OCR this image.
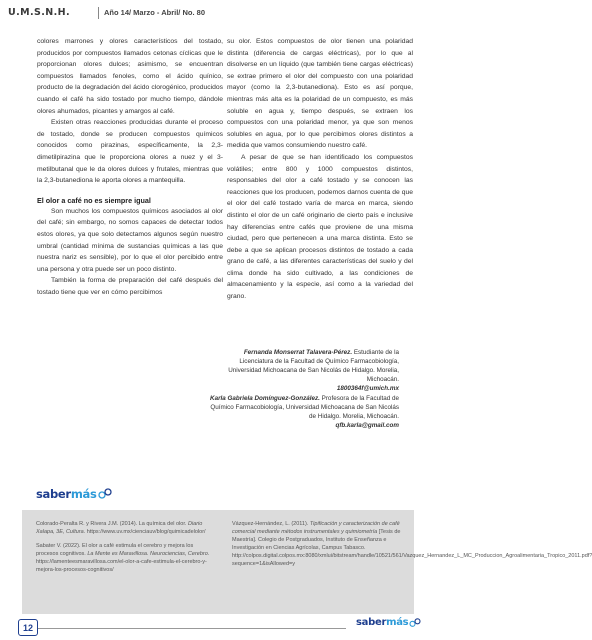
U.M.S.N.H.	Año 14/ Marzo - Abril/ No. 80

colores marrones y olores característicos del tostado, producidos por compuestos llamados cetonas cíclicas que le proporcionan olores dulces; asimismo, se encuentran compuestos llamados fenoles, como el ácido quínico, producto de la degradación del ácido clorogénico, producidos cuando el café ha sido tostado por mucho tiempo, dándole olores ahumados, picantes y amargos al café.

Existen otras reacciones producidas durante el proceso de tostado, donde se producen compuestos químicos conocidos como pirazinas, específicamente, la 2,3-dimetilpirazina que le proporciona olores a nuez y el 3-metilbutanal que le da olores dulces y frutales, mientras que la 2,3-butanediona le aporta olores a mantequilla.

El olor a café no es siempre igual

Son muchos los compuestos químicos asociados al olor del café; sin embargo, no somos capaces de detectar todos estos olores, ya que solo detectamos algunos según nuestro umbral (cantidad mínima de sustancias químicas a las que nuestra nariz es sensible), por lo que el olor percibido entre una persona y otra puede ser un poco distinto.

También la forma de preparación del café después del tostado tiene que ver en cómo percibimos

su olor. Estos compuestos de olor tienen una polaridad distinta (diferencia de cargas eléctricas), por lo que al disolverse en un líquido (que también tiene cargas eléctricas) se extrae primero el olor del compuesto con una polaridad mayor (como la 2,3-butanediona). Esto es así porque, mientras más alta es la polaridad de un compuesto, es más soluble en agua y, tiempo después, se extraen los compuestos con una polaridad menor, ya que son menos solubles en agua, por lo que percibimos olores distintos a medida que vamos consumiendo nuestro café.

A pesar de que se han identificado los compuestos volátiles; entre 800 y 1000 compuestos distintos, responsables del olor a café tostado y se conocen las reacciones que los producen, podemos darnos cuenta de que el olor del café tostado varía de marca en marca, siendo distinto el olor de un café originario de cierto país e inclusive hay diferencias entre cafés que proviene de una misma ciudad, pero que pertenecen a una marca distinta. Esto se debe a que se aplican procesos distintos de tostado a cada grano de café, a las diferentes características del suelo y del clima donde ha sido cultivado, a las condiciones de almacenamiento y la especie, así como a la variedad del grano.

Fernanda Monserrat Talavera-Pérez. Estudiante de la Licenciatura de la Facultad de Químico Farmacobiología, Universidad Michoacana de San Nicolás de Hidalgo. Morelia, Michoacán.
1800364f@umich.mx
Karla Gabriela Domínguez-González. Profesora de la Facultad de Químico Farmacobiología, Universidad Michoacana de San Nicolás de Hidalgo. Morelia, Michoacán.
qfb.karla@gmail.com
sabermás

Colorado-Peralta R. y Rivera J.M. (2014). La química del olor. Diario Xalapa, 3E, Cultura. https://www.uv.mx/cienciauv/blog/quimicadelolor/

Sabater V. (2022). El olor a café estimula el cerebro y mejora los procesos cognitivos. La Mente es Maravillosa. Neurociencias, Cerebro. https://lamenteesmaravillosa.com/el-olor-a-cafe-estimula-el-cerebro-y-mejora-los-procesos-cognitivos/

Vázquez-Hernández, L. (2011). Tipificación y caracterización de café comercial mediante métodos instrumentales y quimiometría [Tesis de Maestría]. Colegio de Postgraduados, Instituto de Enseñanza e Investigación en Ciencias Agrícolas, Campus Tabasco. http://colpos.digital.colpos.mx:8080/xmlui/bitstream/handle/10521/561/Vazquez_Hernandez_L_MC_Produccion_Agroalimentaria_Tropico_2011.pdf?sequence=1&isAllowed=y

12	sabermás
